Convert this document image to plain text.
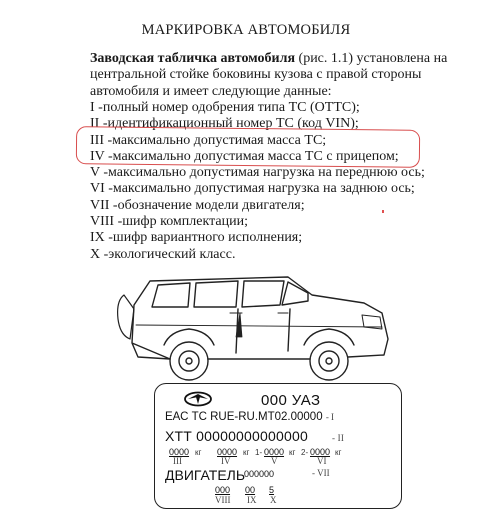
МАРКИРОВКА АВТОМОБИЛЯ
Заводская табличка автомобиля (рис. 1.1) установлена на
центральной стойке боковины кузова с правой стороны
автомобиля и имеет следующие данные:
I -полный номер одобрения типа ТС (ОТТС);
II -идентификационный номер ТС (код VIN);
III -максимально допустимая масса ТС;
IV -максимально допустимая масса ТС с прицепом;
V -максимально допустимая нагрузка на переднюю ось;
VI -максимально допустимая нагрузка на заднюю ось;
VII -обозначение модели двигателя;
VIII -шифр комплектации;
IX -шифр вариантного исполнения;
X -экологический класс.
000 УАЗ
ЕАС ТС RUE-RU.MT02.00000 - I
ХТТ 00000000000000	- II
0000 кг 0000 кг 1- 0000 кг 2- 0000 кг
III	IV	V	VI
ДВИГАТЕЛЬ
000000	- VII
000 00 5
VIII IX X
